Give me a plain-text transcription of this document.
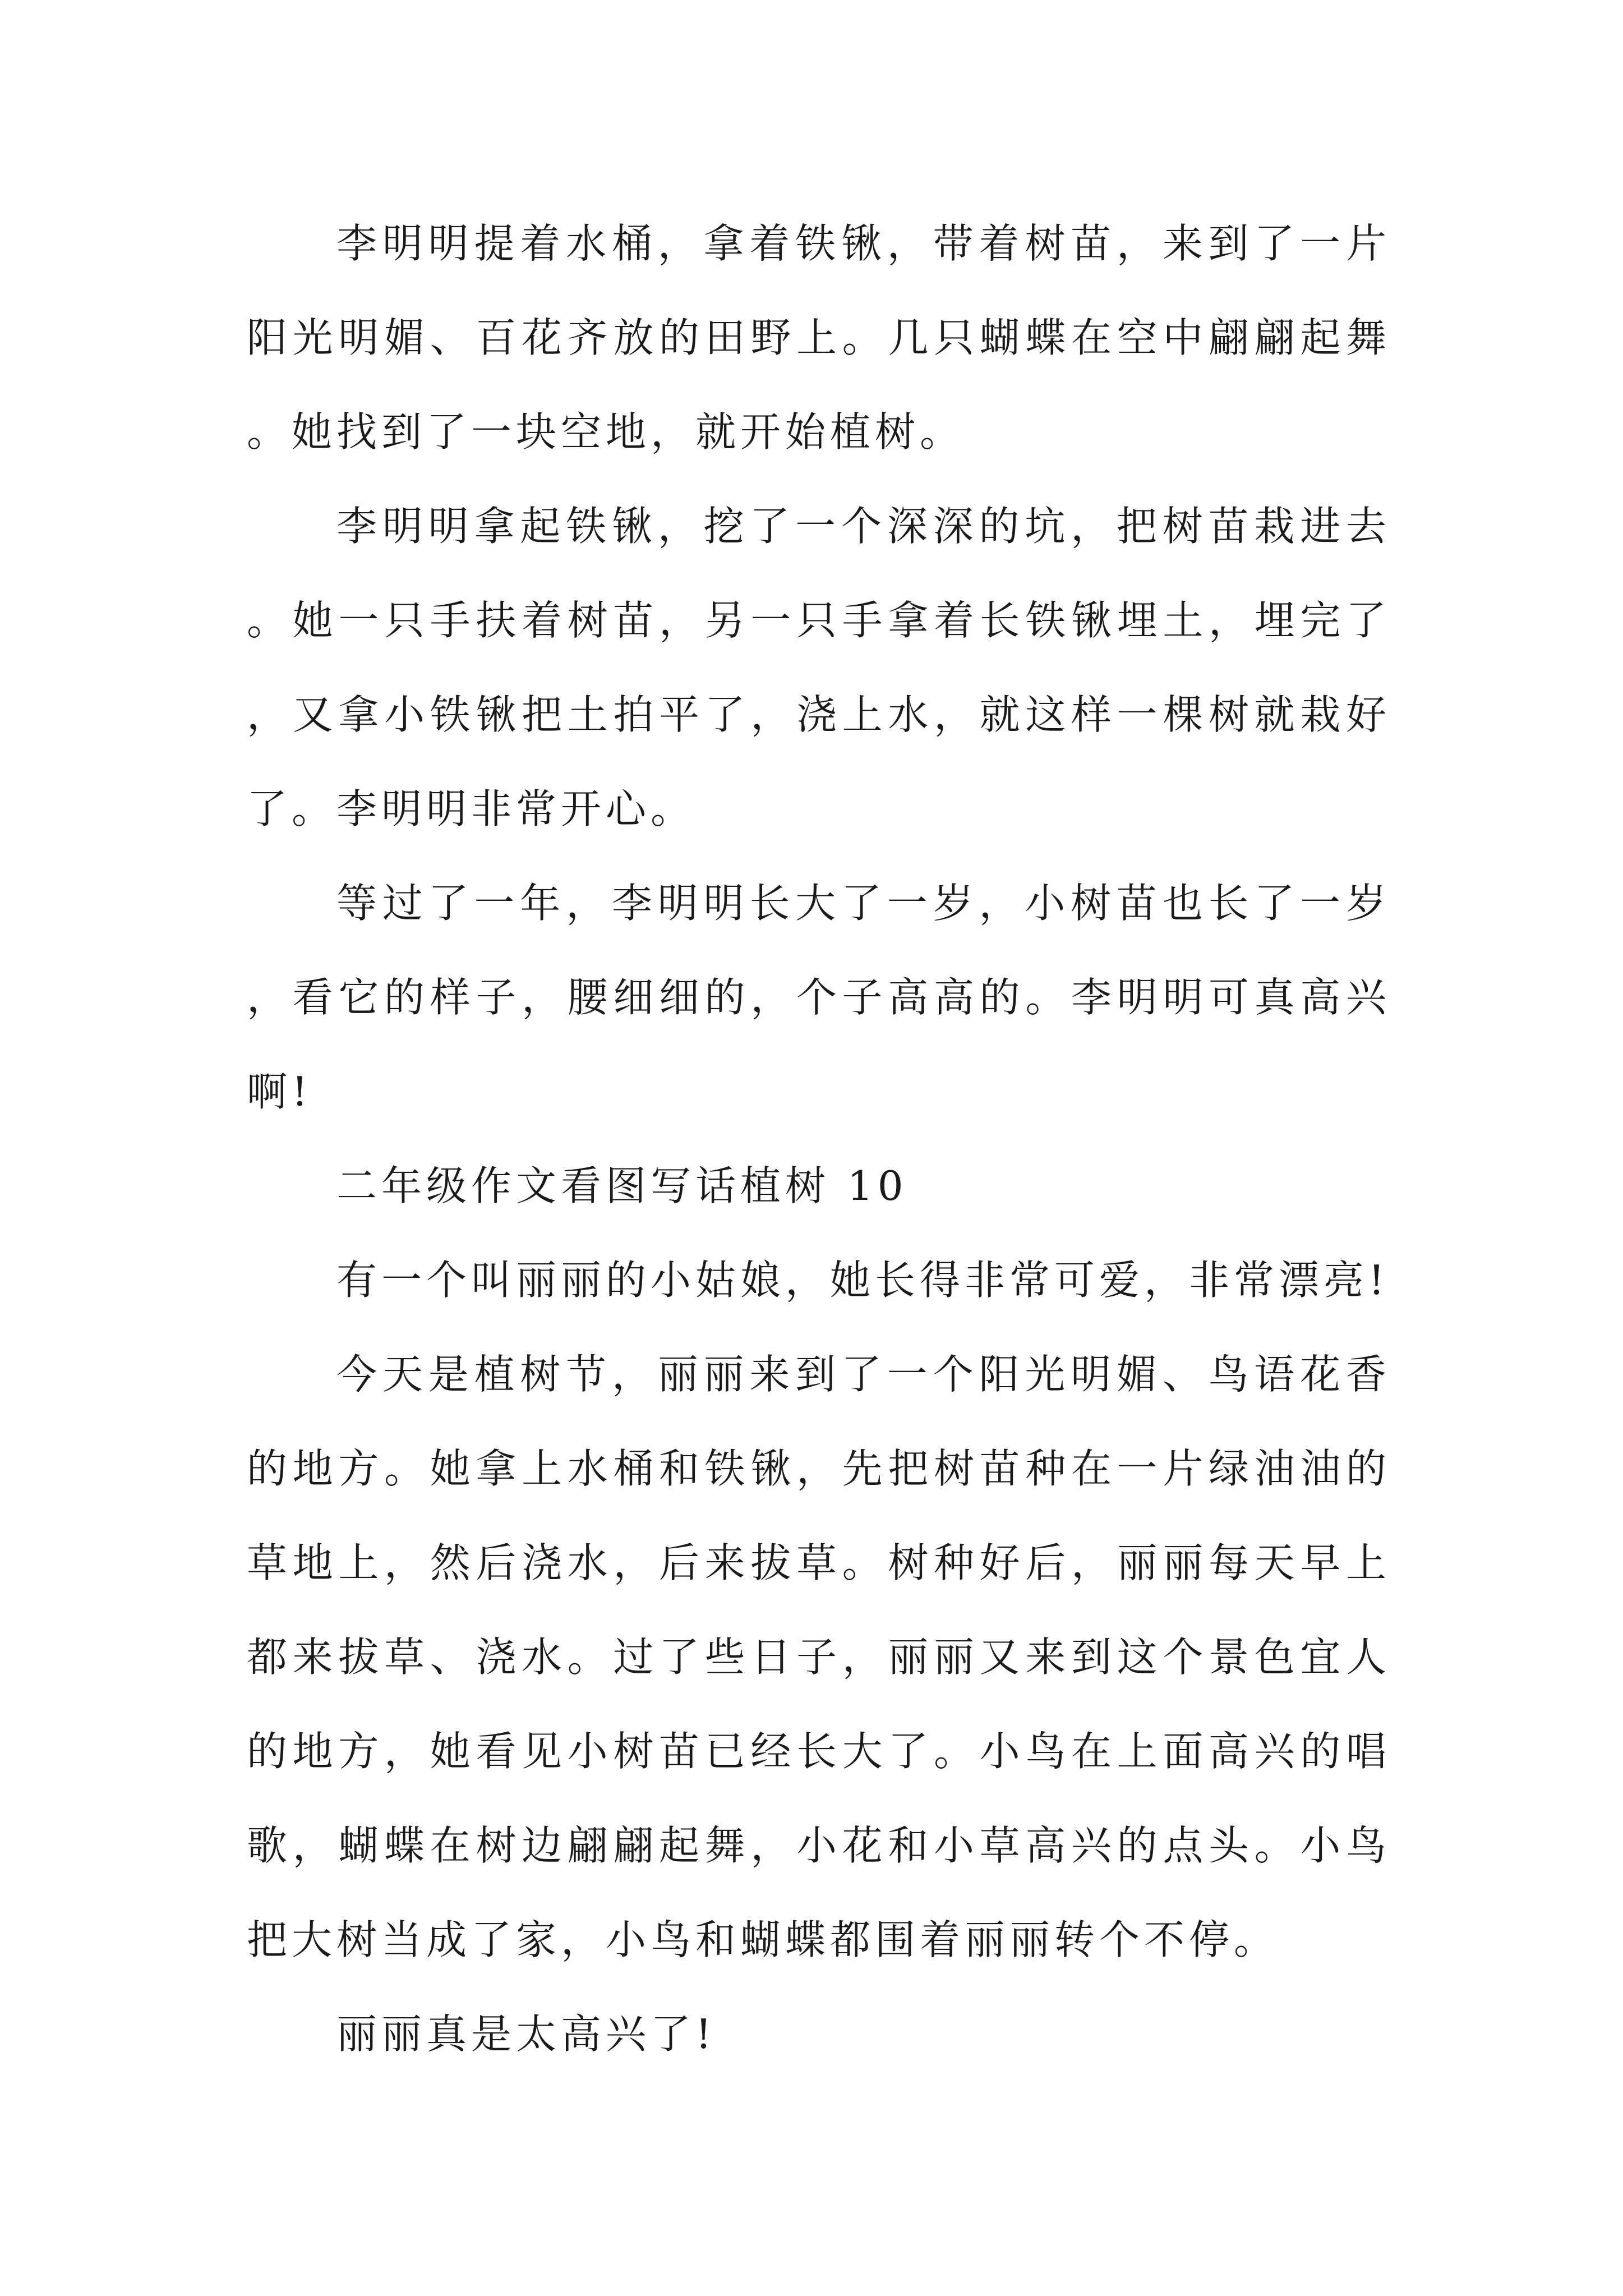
李明明提着水桶，拿着铁锹，带着树苗，来到了一片阳光明媚、百花齐放的田野上。几只蝴蝶在空中翩翩起舞。她找到了一块空地，就开始植树。

李明明拿起铁锹，挖了一个深深的坑，把树苗栽进去。她一只手扶着树苗，另一只手拿着长铁锹埋土，埋完了，又拿小铁锹把土拍平了，浇上水，就这样一棵树就栽好了。李明明非常开心。

等过了一年，李明明长大了一岁，小树苗也长了一岁，看它的样子，腰细细的，个子高高的。李明明可真高兴啊!

二年级作文看图写话植树 10

有一个叫丽丽的小姑娘，她长得非常可爱，非常漂亮!

今天是植树节，丽丽来到了一个阳光明媚、鸟语花香的地方。她拿上水桶和铁锹，先把树苗种在一片绿油油的草地上，然后浇水，后来拔草。树种好后，丽丽每天早上都来拔草、浇水。过了些日子，丽丽又来到这个景色宜人的地方，她看见小树苗已经长大了。小鸟在上面高兴的唱歌，蝴蝶在树边翩翩起舞，小花和小草高兴的点头。小鸟把大树当成了家，小鸟和蝴蝶都围着丽丽转个不停。

丽丽真是太高兴了!
